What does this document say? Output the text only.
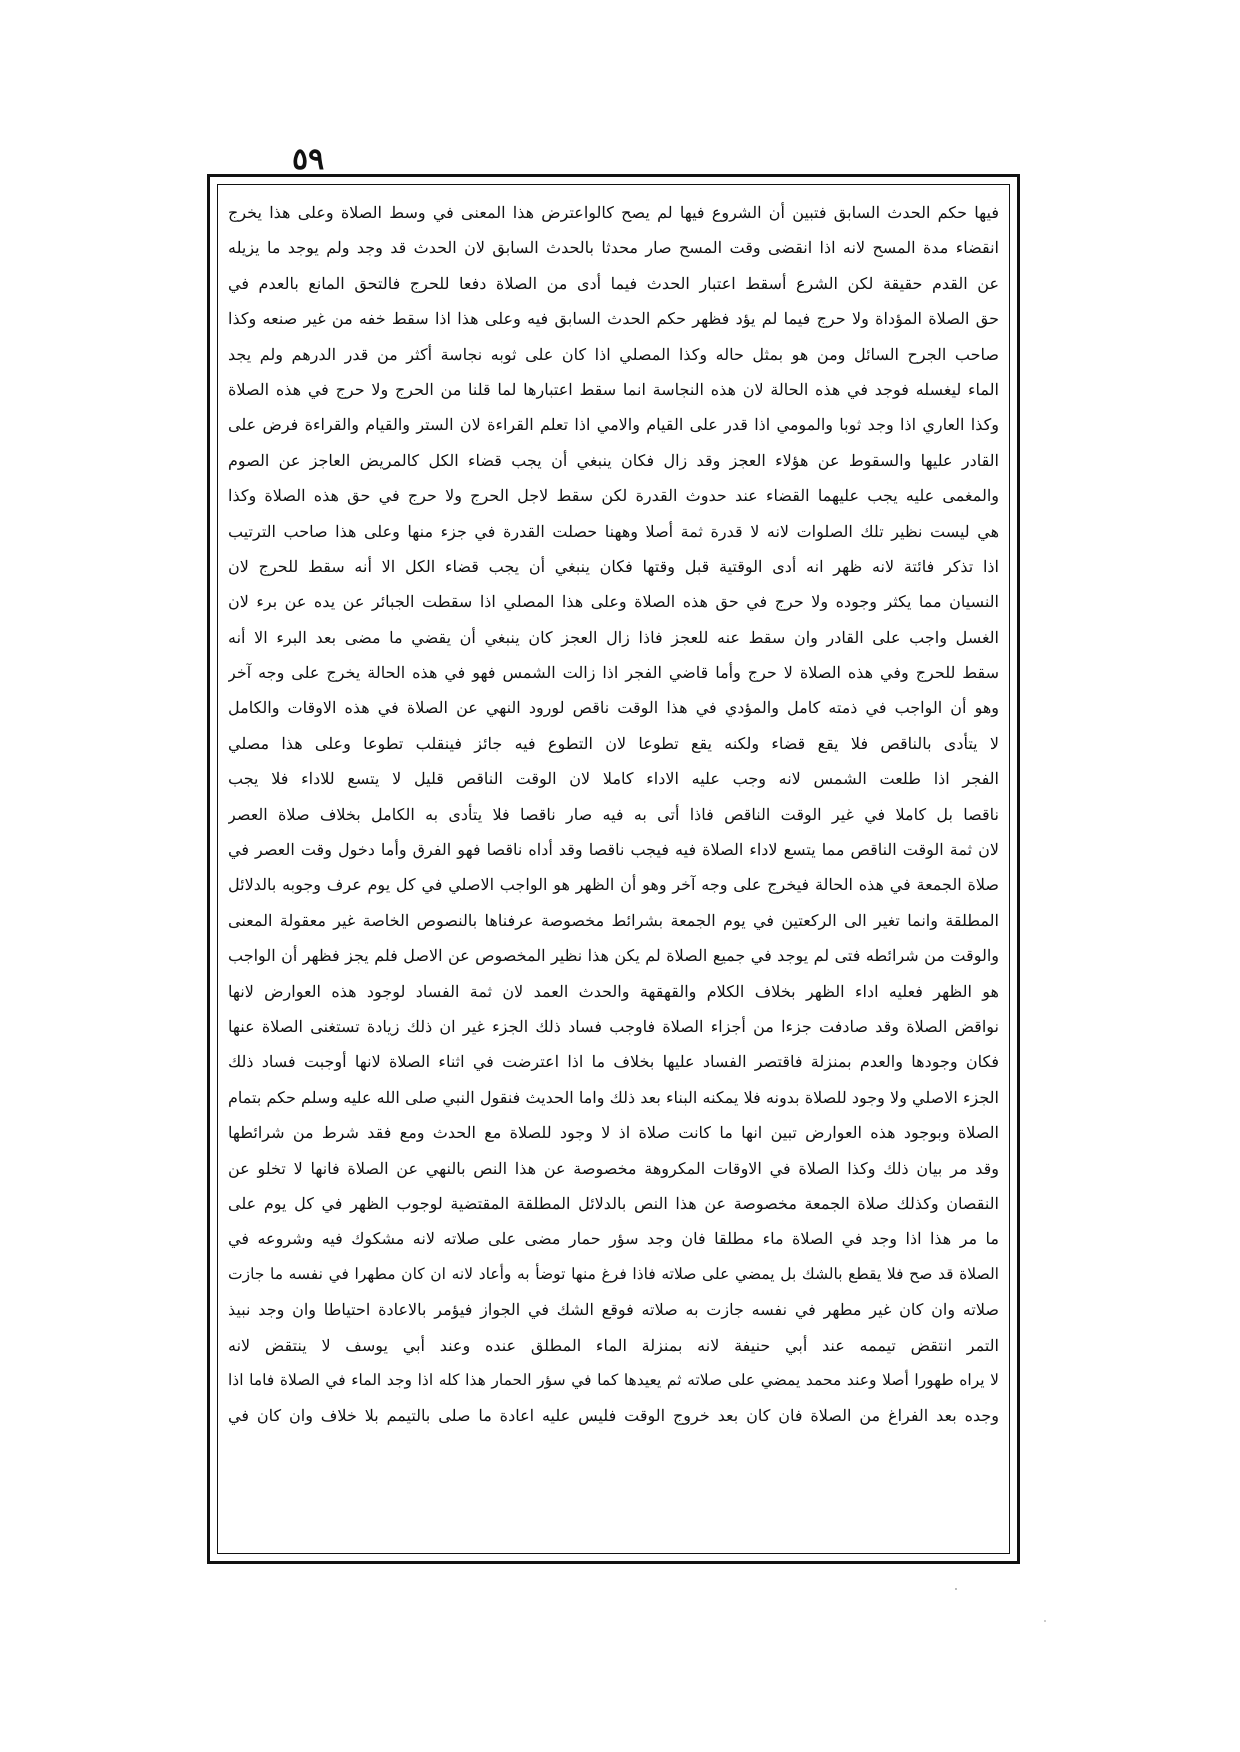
٥٩
فيها حكم الحدث السابق فتبين أن الشروع فيها لم يصح كالواعترض هذا المعنى في وسط الصلاة وعلى هذا يخرج
انقضاء مدة المسح لانه اذا انقضى وقت المسح صار محدثا بالحدث السابق لان الحدث قد وجد ولم يوجد ما يزيله
عن القدم حقيقة لكن الشرع أسقط اعتبار الحدث فيما أدى من الصلاة دفعا للحرج فالتحق المانع بالعدم في
حق الصلاة المؤداة ولا حرج فيما لم يؤد فظهر حكم الحدث السابق فيه وعلى هذا اذا سقط خفه من غير صنعه وكذا
صاحب الجرح السائل ومن هو بمثل حاله وكذا المصلي اذا كان على ثوبه نجاسة أكثر من قدر الدرهم ولم يجد
الماء ليغسله فوجد في هذه الحالة لان هذه النجاسة انما سقط اعتبارها لما قلنا من الحرج ولا حرج في هذه الصلاة
وكذا العاري اذا وجد ثوبا والمومي اذا قدر على القيام والامي اذا تعلم القراءة لان الستر والقيام والقراءة فرض على
القادر عليها والسقوط عن هؤلاء العجز وقد زال فكان ينبغي أن يجب قضاء الكل كالمريض العاجز عن الصوم
والمغمى عليه يجب عليهما القضاء عند حدوث القدرة لكن سقط لاجل الحرج ولا حرج في حق هذه الصلاة وكذا
هي ليست نظير تلك الصلوات لانه لا قدرة ثمة أصلا وههنا حصلت القدرة في جزء منها وعلى هذا صاحب الترتيب
اذا تذكر فائتة لانه ظهر انه أدى الوقتية قبل وقتها فكان ينبغي أن يجب قضاء الكل الا أنه سقط للحرج لان
النسيان مما يكثر وجوده ولا حرج في حق هذه الصلاة وعلى هذا المصلي اذا سقطت الجبائر عن يده عن برء لان
الغسل واجب على القادر وان سقط عنه للعجز فاذا زال العجز كان ينبغي أن يقضي ما مضى بعد البرء الا أنه
سقط للحرج وفي هذه الصلاة لا حرج وأما قاضي الفجر اذا زالت الشمس فهو في هذه الحالة يخرج على وجه آخر
وهو أن الواجب في ذمته كامل والمؤدي في هذا الوقت ناقص لورود النهي عن الصلاة في هذه الاوقات والكامل
لا يتأدى بالناقص فلا يقع قضاء ولكنه يقع تطوعا لان التطوع فيه جائز فينقلب تطوعا وعلى هذا مصلي
الفجر اذا طلعت الشمس لانه وجب عليه الاداء كاملا لان الوقت الناقص قليل لا يتسع للاداء فلا يجب
ناقصا بل كاملا في غير الوقت الناقص فاذا أتى به فيه صار ناقصا فلا يتأدى به الكامل بخلاف صلاة العصر
لان ثمة الوقت الناقص مما يتسع لاداء الصلاة فيه فيجب ناقصا وقد أداه ناقصا فهو الفرق وأما دخول وقت العصر في
صلاة الجمعة في هذه الحالة فيخرج على وجه آخر وهو أن الظهر هو الواجب الاصلي في كل يوم عرف وجوبه بالدلائل
المطلقة وانما تغير الى الركعتين في يوم الجمعة بشرائط مخصوصة عرفناها بالنصوص الخاصة غير معقولة المعنى
والوقت من شرائطه فتى لم يوجد في جميع الصلاة لم يكن هذا نظير المخصوص عن الاصل فلم يجز فظهر أن الواجب
هو الظهر فعليه اداء الظهر بخلاف الكلام والقهقهة والحدث العمد لان ثمة الفساد لوجود هذه العوارض لانها
نواقض الصلاة وقد صادفت جزءا من أجزاء الصلاة فاوجب فساد ذلك الجزء غير ان ذلك زيادة تستغنى الصلاة عنها
فكان وجودها والعدم بمنزلة فاقتصر الفساد عليها بخلاف ما اذا اعترضت في اثناء الصلاة لانها أوجبت فساد ذلك
الجزء الاصلي ولا وجود للصلاة بدونه فلا يمكنه البناء بعد ذلك واما الحديث فنقول النبي صلى الله عليه وسلم حكم بتمام
الصلاة وبوجود هذه العوارض تبين انها ما كانت صلاة اذ لا وجود للصلاة مع الحدث ومع فقد شرط من شرائطها
وقد مر بيان ذلك وكذا الصلاة في الاوقات المكروهة مخصوصة عن هذا النص بالنهي عن الصلاة فانها لا تخلو عن
النقصان وكذلك صلاة الجمعة مخصوصة عن هذا النص بالدلائل المطلقة المقتضية لوجوب الظهر في كل يوم على
ما مر هذا اذا وجد في الصلاة ماء مطلقا فان وجد سؤر حمار مضى على صلاته لانه مشكوك فيه وشروعه في
الصلاة قد صح فلا يقطع بالشك بل يمضي على صلاته فاذا فرغ منها توضأ به وأعاد لانه ان كان مطهرا في نفسه ما جازت
صلاته وان كان غير مطهر في نفسه جازت به صلاته فوقع الشك في الجواز فيؤمر بالاعادة احتياطا وان وجد نبيذ
التمر انتقض تيممه عند أبي حنيفة لانه بمنزلة الماء المطلق عنده وعند أبي يوسف لا ينتقض لانه
لا يراه طهورا أصلا وعند محمد يمضي على صلاته ثم يعيدها كما في سؤر الحمار هذا كله اذا وجد الماء في الصلاة فاما اذا
وجده بعد الفراغ من الصلاة فان كان بعد خروج الوقت فليس عليه اعادة ما صلى بالتيمم بلا خلاف وان كان في
